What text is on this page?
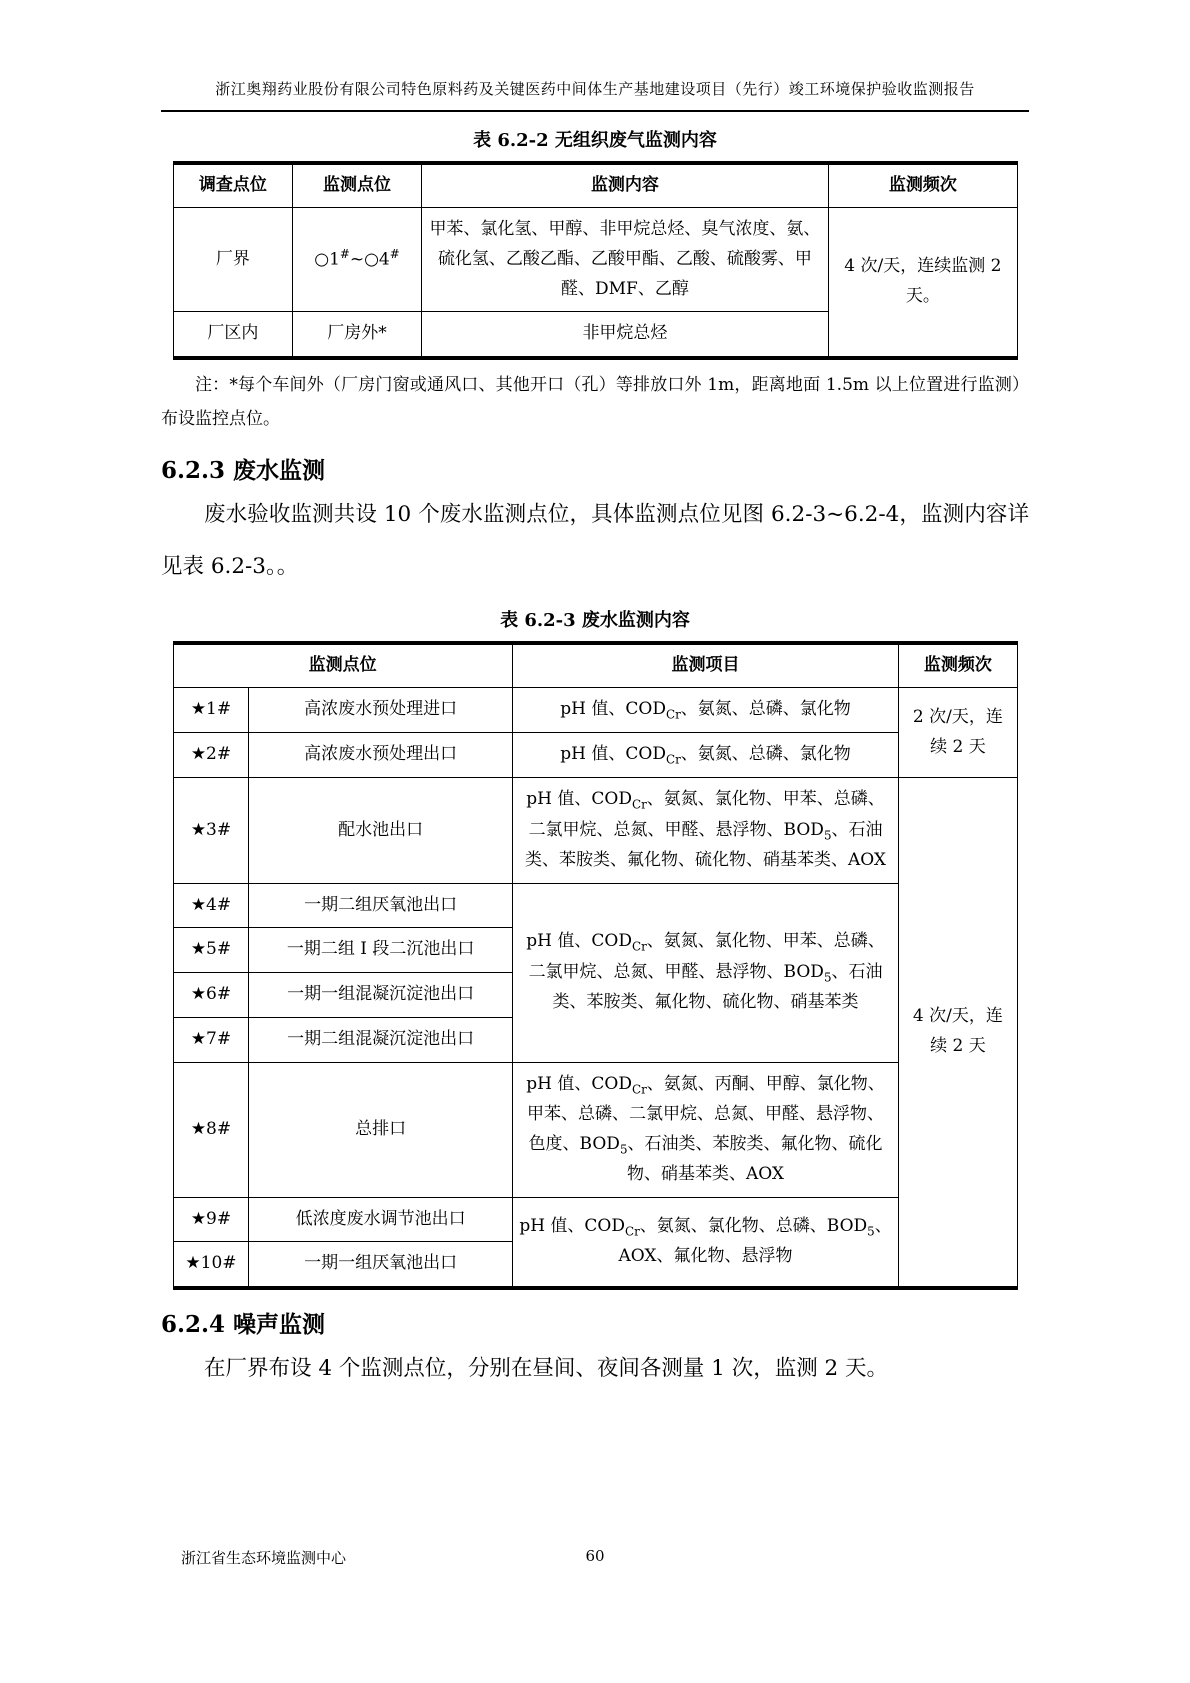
浙江奥翔药业股份有限公司特色原料药及关键医药中间体生产基地建设项目（先行）竣工环境保护验收监测报告
表 6.2-2 无组织废气监测内容
调查点位	监测点位	监测内容	监测频次
厂界	○1#~○4#	甲苯、氯化氢、甲醇、非甲烷总烃、臭气浓度、氨、硫化氢、乙酸乙酯、乙酸甲酯、乙酸、硫酸雾、甲醛、DMF、乙醇	4 次/天，连续监测 2 天。
厂区内	厂房外*	非甲烷总烃	

注：*每个车间外（厂房门窗或通风口、其他开口（孔）等排放口外 1m，距离地面 1.5m 以上位置进行监测）布设监控点位。

6.2.3 废水监测

废水验收监测共设 10 个废水监测点位，具体监测点位见图 6.2-3~6.2-4，监测内容详见表 6.2-3。。

表 6.2-3 废水监测内容
监测点位		监测项目	监测频次
★1#	高浓废水预处理进口	pH 值、$COD_{Cr}$、氨氮、总磷、氯化物	2 次/天，连续 2 天
★2#	高浓废水预处理出口	pH 值、$COD_{Cr}$、氨氮、总磷、氯化物	
★3#	配水池出口	pH 值、$COD_{Cr}$、氨氮、氯化物、甲苯、总磷、二氯甲烷、总氮、甲醛、悬浮物、$BOD_5$、石油类、苯胺类、氟化物、硫化物、硝基苯类、AOX	4 次/天，连续 2 天
★4#	一期二组厌氧池出口	pH 值、$COD_{Cr}$、氨氮、氯化物、甲苯、总磷、二氯甲烷、总氮、甲醛、悬浮物、$BOD_5$、石油类、苯胺类、氟化物、硫化物、硝基苯类	
★5#	一期二组 I 段二沉池出口		
★6#	一期一组混凝沉淀池出口		
★7#	一期二组混凝沉淀池出口		
★8#	总排口	pH 值、$COD_{Cr}$、氨氮、丙酮、甲醇、氯化物、甲苯、总磷、二氯甲烷、总氮、甲醛、悬浮物、色度、$BOD_5$、石油类、苯胺类、氟化物、硫化物、硝基苯类、AOX	
★9#	低浓度废水调节池出口	pH 值、$COD_{Cr}$、氨氮、氯化物、总磷、$BOD_5$、AOX、氟化物、悬浮物	
★10#	一期一组厌氧池出口		
6.2.4 噪声监测

在厂界布设 4 个监测点位，分别在昼间、夜间各测量 1 次，监测 2 天。

60
浙江省生态环境监测中心
